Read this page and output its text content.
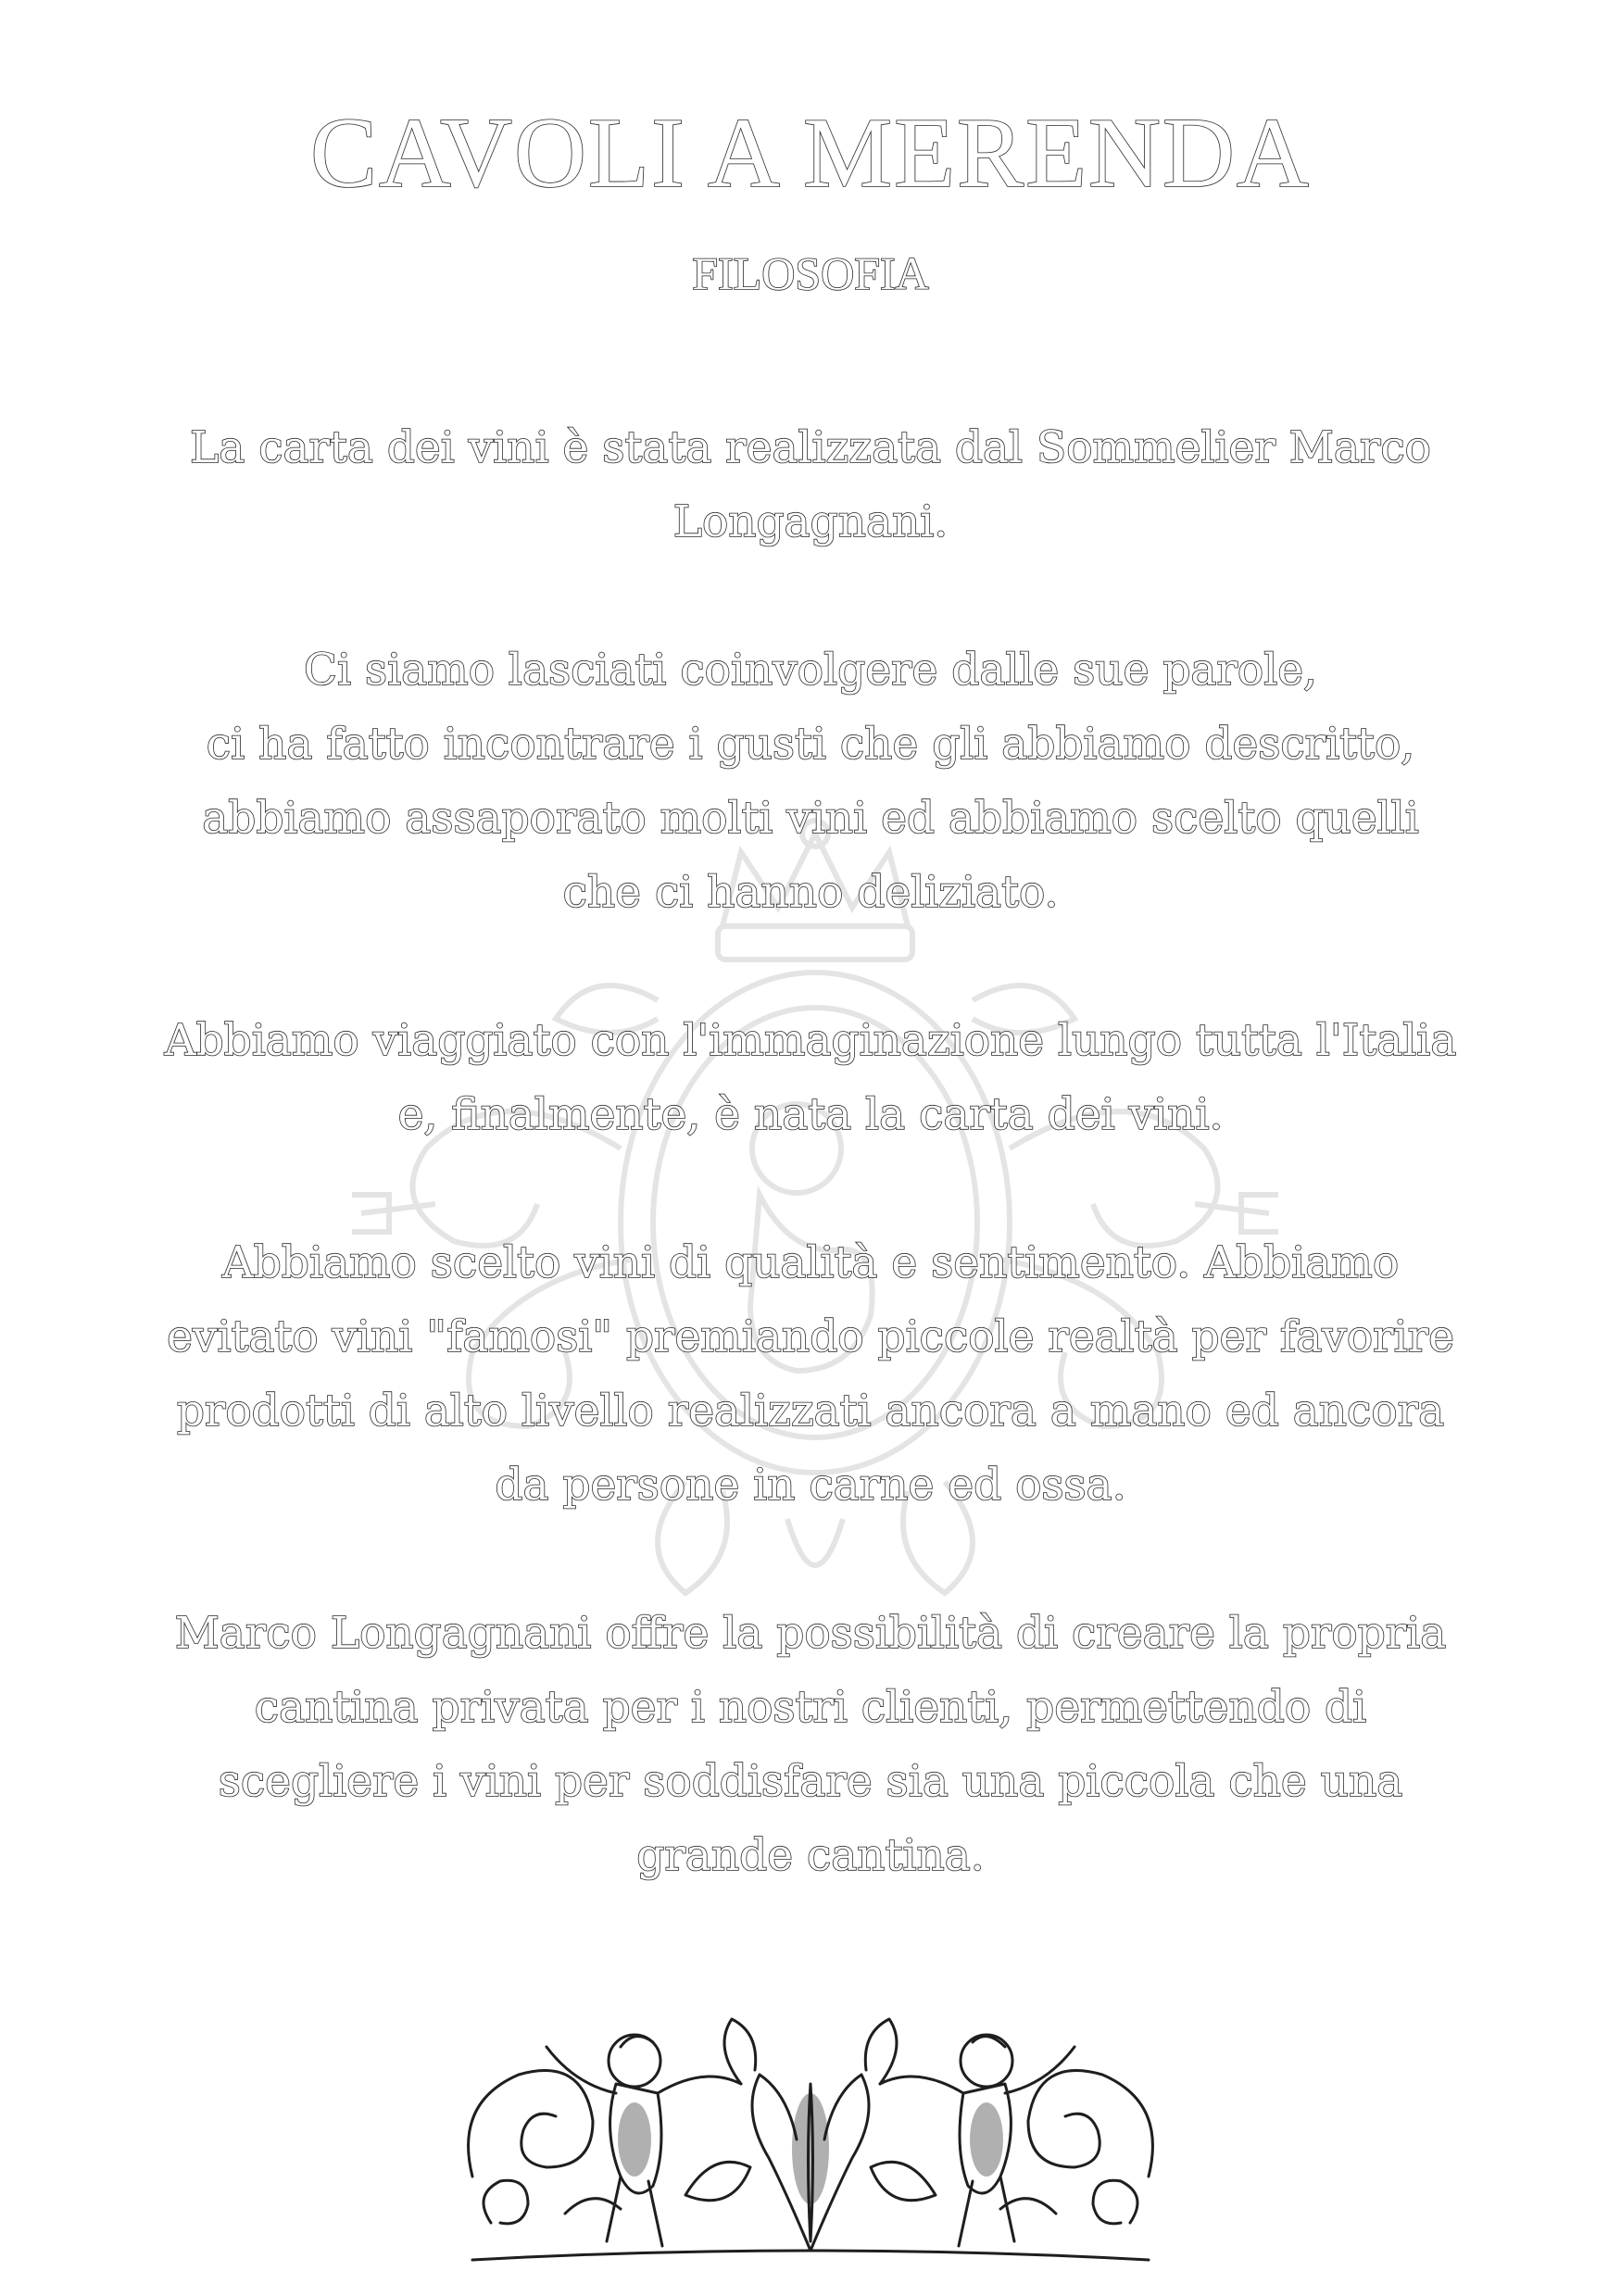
CAVOLI A MERENDA
FILOSOFIA
La carta dei vini è stata realizzata dal Sommelier Marco
Longagnani.
Ci siamo lasciati coinvolgere dalle sue parole,
ci ha fatto incontrare i gusti che gli abbiamo descritto,
abbiamo assaporato molti vini ed abbiamo scelto quelli
che ci hanno deliziato.
Abbiamo viaggiato con l'immaginazione lungo tutta l'Italia
e, finalmente, è nata la carta dei vini.
Abbiamo scelto vini di qualità e sentimento. Abbiamo
evitato vini "famosi" premiando piccole realtà per favorire
prodotti di alto livello realizzati ancora a mano ed ancora
da persone in carne ed ossa.
Marco Longagnani offre la possibilità di creare la propria
cantina privata per i nostri clienti, permettendo di
scegliere i vini per soddisfare sia una piccola che una
grande cantina.
